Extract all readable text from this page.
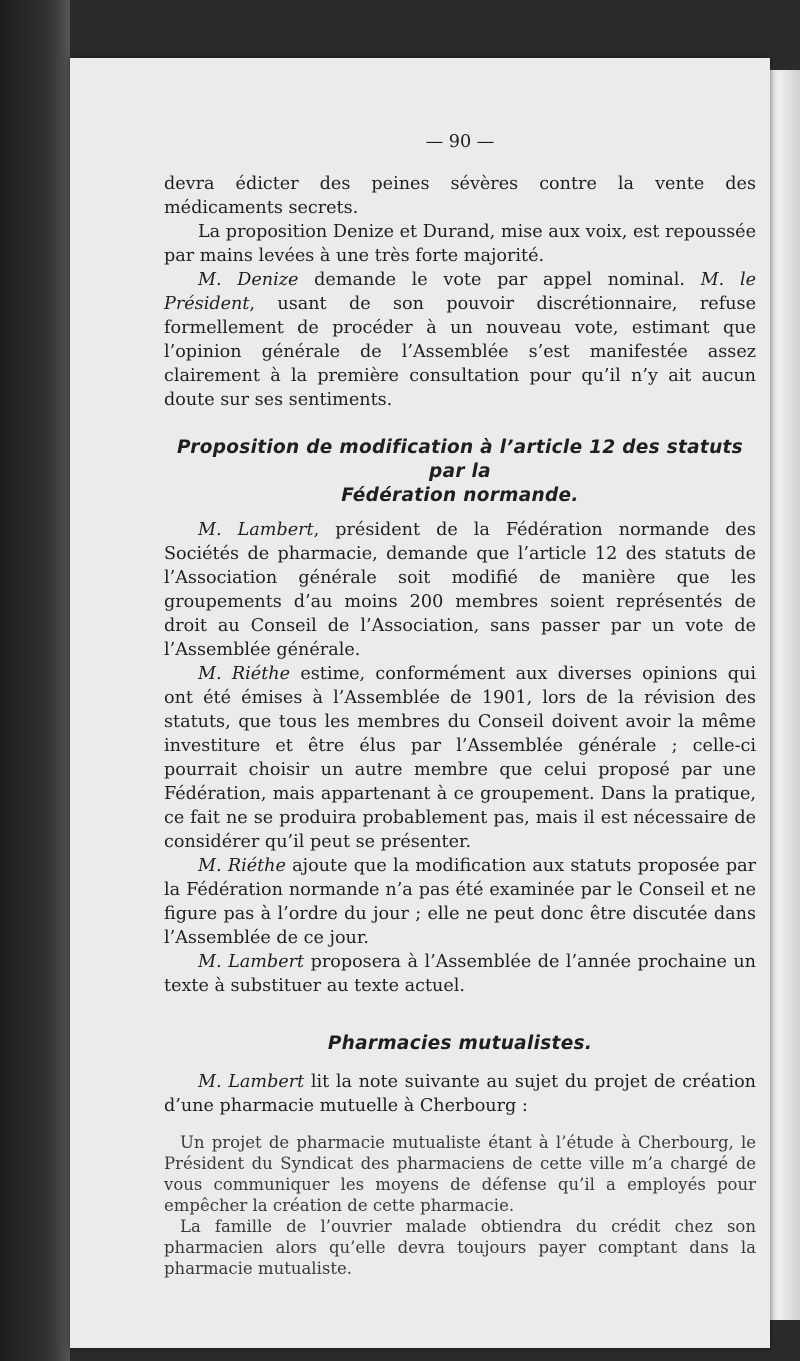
— 90 —

devra édicter des peines sévères contre la vente des médicaments secrets.

La proposition Denize et Durand, mise aux voix, est repoussée par mains levées à une très forte majorité.

M. Denize demande le vote par appel nominal. M. le Président, usant de son pouvoir discrétionnaire, refuse formellement de procéder à un nouveau vote, estimant que l’opinion générale de l’Assemblée s’est manifestée assez clairement à la première consultation pour qu’il n’y ait aucun doute sur ses sentiments.

Proposition de modification à l’article 12 des statuts par la
Fédération normande.

M. Lambert, président de la Fédération normande des Sociétés de pharmacie, demande que l’article 12 des statuts de l’Association générale soit modifié de manière que les groupements d’au moins 200 membres soient représentés de droit au Conseil de l’Association, sans passer par un vote de l’Assemblée générale.

M. Riéthe estime, conformément aux diverses opinions qui ont été émises à l’Assemblée de 1901, lors de la révision des statuts, que tous les membres du Conseil doivent avoir la même investiture et être élus par l’Assemblée générale ; celle-ci pourrait choisir un autre membre que celui proposé par une Fédération, mais appartenant à ce groupement. Dans la pratique, ce fait ne se produira probablement pas, mais il est nécessaire de considérer qu’il peut se présenter.

M. Riéthe ajoute que la modification aux statuts proposée par la Fédération normande n’a pas été examinée par le Conseil et ne figure pas à l’ordre du jour ; elle ne peut donc être discutée dans l’Assemblée de ce jour.

M. Lambert proposera à l’Assemblée de l’année prochaine un texte à substituer au texte actuel.

Pharmacies mutualistes.

M. Lambert lit la note suivante au sujet du projet de création d’une pharmacie mutuelle à Cherbourg :

Un projet de pharmacie mutualiste étant à l’étude à Cherbourg, le Président du Syndicat des pharmaciens de cette ville m’a chargé de vous communiquer les moyens de défense qu’il a employés pour empêcher la création de cette pharmacie.

La famille de l’ouvrier malade obtiendra du crédit chez son pharmacien alors qu’elle devra toujours payer comptant dans la pharmacie mutualiste.
